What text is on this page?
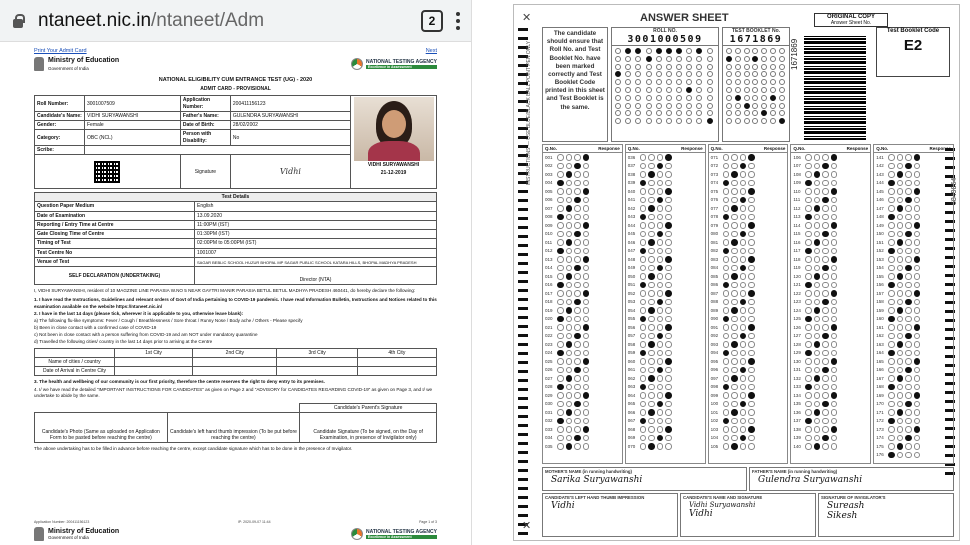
ntaneet.nic.in/ntaneet/Adm	2
Print Your Admit Card	Next
Ministry of Education
Government of India
NATIONAL TESTING AGENCY
Excellence in Assessment
NATIONAL ELIGIBILITY CUM ENTRANCE TEST (UG) - 2020
ADMIT CARD - PROVISIONAL
Roll Number:	3001007509	Application Number:	200411156123	VIDHI SURYAWANSHI
21-12-2019

Candidate's Name:	VIDHI SURYAWANSHI	Father's Name:	GULENDRA SURYAWANSHI	
Gender:	Female	Date of Birth:	28/02/2002	
Category:	OBC (NCL)	Person with Disability:	No	
Scribe:				

		Signature	Vidhi	
Test Details	
Question Paper Medium	English
Date of Examination	13.09.2020
Reporting / Entry Time at Centre	11:00PM (IST)
Gate Closing Time of Centre	01:30PM (IST)
Timing of Test	02:00PM to 05:00PM (IST)
Test Centre No	1001007
Venue of Test	SAGAR BEBLIC SCHOOL HUZUR BHOPAL MP SAGAR PUBLIC SCHOOL KATARA HILLS, BHOPAL MADHYA PRADESH
SELF DECLARATION (UNDERTAKING)	Director (NTA)
I, VIDHI SURYAWANSHI, resident of 10 MAGZINE LINE PARASIA W.NO 5 NEAR GAYTRI MANIR PARASIA BETUL BETUL MADHYA PRADESH 460441, do hereby declare the following:
1. I have read the Instructions, Guidelines and relevant orders of Govt of India pertaining to COVID-19 pandemic. I have read Information Bulletin, Instructions and Notices related to this examination available on the website https://ntaneet.nic.in/
2. I have in the last 14 days (please tick, wherever it is applicable to you, otherwise leave blank):
a) The following flu-like symptoms: Fever / Cough / Breathlessness / Sore throat / Runny Nose / Body ache / Others - Please specify
b) Been in close contact with a confirmed case of COVID-19
c) Not been in close contact with a person suffering from COVID-19 and am NOT under mandatory quarantine
d) Travelled the following cities/ country in the last 14 days prior to arriving at the Centre
	1st City	2nd City	3rd City	4th City
Name of cities / country				
Date of Arrival in Centre City				
3. The health and wellbeing of our community is our first priority, therefore the centre reserves the right to deny entry to its premises.
4. I/ we have read the detailed "IMPORTANT INSTRUCTIONS FOR CANDIDATES" as given on Page 2 and "ADVISORY for CANDIDATES REGARDING COVID-19" as given on Page 3, and I/ we undertake to abide by the same.
		Candidate's Parent's Signature
Candidate's Photo (Same as uploaded on Application Form to be pasted before reaching the centre)	Candidate's left hand thumb impression (To be put before reaching the centre)	Candidate Signature (To be signed, on the Day of Examination, in presence of Invigilator only)
The above undertaking has to be filled in advance before reaching the centre, except candidate signature which has to be done in the presence of Invigilator.
Application Number: 200411156123	IP: 2020-09-07 11:44	Page 1 of 3
Ministry of Education
Government of India
NATIONAL TESTING AGENCY
Excellence in Assessment
✕
✕
INSTRUCTIONS — USE BLUE/BLACK BALL POINT PEN ONLY
ANSWER SHEET	ORIGINAL COPY
Answer Sheet No.
The candidate should ensure that Roll No. and Test Booklet No. have been marked correctly and Test Booklet Code printed in this sheet and Test Booklet is the same.
ROLL NO.
3001000509
TEST BOOKLET No.
1671869 1671869
Test Booklet Code
E2
6849864
Q.No.	Response
001
002
003
004
005
006
007
008
009
010
011
012
013
014
015
016
017
018
019
020
021
022
023
024
025
026
027
028
029
030
031
032
033
034
035
Q.No.	Response
036
037
038
039
040
041
042
043
044
045
046
047
048
049
050
051
052
053
054
055
056
057
058
059
060
061
062
063
064
065
066
067
068
069
070
Q.No.	Response
071
072
073
074
075
076
077
078
079
080
081
082
083
084
085
086
087
088
089
090
091
092
093
094
095
096
097
098
099
100
101
102
103
104
105
Q.No.	Response
106
107
108
109
110
111
112
113
114
115
116
117
118
119
120
121
122
123
124
125
126
127
128
129
130
131
132
133
134
135
136
137
138
139
140
Q.No.	Response
141
142
143
144
145
146
147
148
149
150
151
152
153
154
155
156
157
158
159
160
161
162
163
164
165
166
167
168
169
170
171
172
173
174
175
176
MOTHER'S NAME (in running handwriting)
Sarika Suryawanshi
FATHER'S NAME (in running handwriting)
Gulendra Suryawanshi
CANDIDATE'S LEFT HAND THUMB IMPRESSION
Vidhi
CANDIDATE'S NAME AND SIGNATURE
Vidhi Suryawanshi
Vidhi
SIGNATURE OF INVIGILATOR'S
Sureash
Sikesh
